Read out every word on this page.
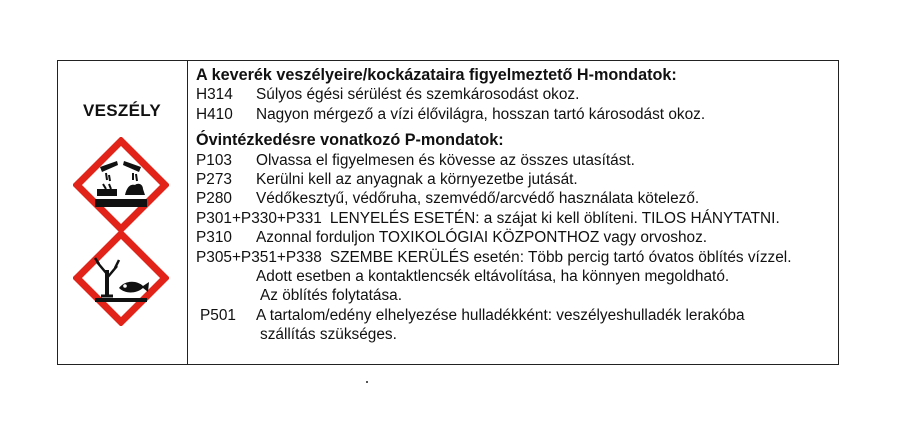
VESZÉLY
A keverék veszélyeire/kockázataira figyelmeztető H-mondatok:
H314 Súlyos égési sérülést és szemkárosodást okoz.
H410 Nagyon mérgező a vízi élővilágra, hosszan tartó károsodást okoz.
Óvintézkedésre vonatkozó P-mondatok:
P103 Olvassa el figyelmesen és kövesse az összes utasítást.
P273 Kerülni kell az anyagnak a környezetbe jutását.
P280 Védőkesztyű, védőruha, szemvédő/arcvédő használata kötelező.
P301+P330+P331 LENYELÉS ESETÉN: a szájat ki kell öblíteni. TILOS HÁNYTATNI.
P310 Azonnal forduljon TOXIKOLÓGIAI KÖZPONTHOZ vagy orvoshoz.
P305+P351+P338 SZEMBE KERÜLÉS esetén: Több percig tartó óvatos öblítés vízzel.
Adott esetben a kontaktlencsék eltávolítása, ha könnyen megoldható.
Az öblítés folytatása.
P501 A tartalom/edény elhelyezése hulladékként: veszélyeshulladék lerakóba
szállítás szükséges.
